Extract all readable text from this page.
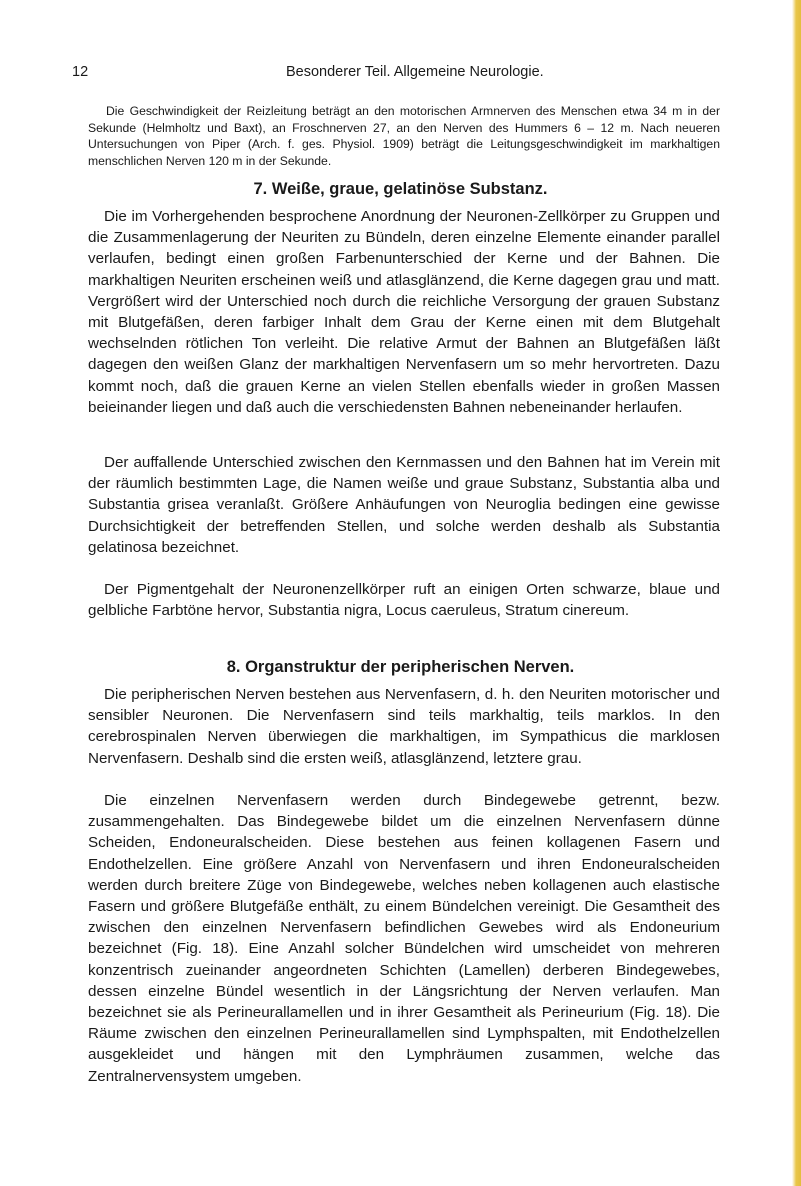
12	Besonderer Teil. Allgemeine Neurologie.

Die Geschwindigkeit der Reizleitung beträgt an den motorischen Armnerven des Menschen etwa 34 m in der Sekunde (Helmholtz und Baxt), an Froschnerven 27, an den Nerven des Hummers 6 – 12 m. Nach neueren Untersuchungen von Piper (Arch. f. ges. Physiol. 1909) beträgt die Leitungsgeschwindigkeit im markhaltigen menschlichen Nerven 120 m in der Sekunde.

7. Weiße, graue, gelatinöse Substanz.

Die im Vorhergehenden besprochene Anordnung der Neuronen-Zellkörper zu Gruppen und die Zusammenlagerung der Neuriten zu Bündeln, deren einzelne Elemente einander parallel verlaufen, bedingt einen großen Farbenunterschied der Kerne und der Bahnen. Die markhaltigen Neuriten erscheinen weiß und atlasglänzend, die Kerne dagegen grau und matt. Vergrößert wird der Unterschied noch durch die reichliche Versorgung der grauen Substanz mit Blutgefäßen, deren farbiger Inhalt dem Grau der Kerne einen mit dem Blutgehalt wechselnden rötlichen Ton verleiht. Die relative Armut der Bahnen an Blutgefäßen läßt dagegen den weißen Glanz der markhaltigen Nervenfasern um so mehr hervortreten. Dazu kommt noch, daß die grauen Kerne an vielen Stellen ebenfalls wieder in großen Massen beieinander liegen und daß auch die verschiedensten Bahnen nebeneinander herlaufen.

Der auffallende Unterschied zwischen den Kernmassen und den Bahnen hat im Verein mit der räumlich bestimmten Lage, die Namen weiße und graue Substanz, Substantia alba und Substantia grisea veranlaßt. Größere Anhäufungen von Neuroglia bedingen eine gewisse Durchsichtigkeit der betreffenden Stellen, und solche werden deshalb als Substantia gelatinosa bezeichnet.

Der Pigmentgehalt der Neuronenzellkörper ruft an einigen Orten schwarze, blaue und gelbliche Farbtöne hervor, Substantia nigra, Locus caeruleus, Stratum cinereum.

8. Organstruktur der peripherischen Nerven.

Die peripherischen Nerven bestehen aus Nervenfasern, d. h. den Neuriten motorischer und sensibler Neuronen. Die Nervenfasern sind teils markhaltig, teils marklos. In den cerebrospinalen Nerven überwiegen die markhaltigen, im Sympathicus die marklosen Nervenfasern. Deshalb sind die ersten weiß, atlasglänzend, letztere grau.

Die einzelnen Nervenfasern werden durch Bindegewebe getrennt, bezw. zusammengehalten. Das Bindegewebe bildet um die einzelnen Nervenfasern dünne Scheiden, Endoneuralscheiden. Diese bestehen aus feinen kollagenen Fasern und Endothelzellen. Eine größere Anzahl von Nervenfasern und ihren Endoneuralscheiden werden durch breitere Züge von Bindegewebe, welches neben kollagenen auch elastische Fasern und größere Blutgefäße enthält, zu einem Bündelchen vereinigt. Die Gesamtheit des zwischen den einzelnen Nervenfasern befindlichen Gewebes wird als Endoneurium bezeichnet (Fig. 18). Eine Anzahl solcher Bündelchen wird umscheidet von mehreren konzentrisch zueinander angeordneten Schichten (Lamellen) derberen Bindegewebes, dessen einzelne Bündel wesentlich in der Längsrichtung der Nerven verlaufen. Man bezeichnet sie als Perineurallamellen und in ihrer Gesamtheit als Perineurium (Fig. 18). Die Räume zwischen den einzelnen Perineurallamellen sind Lymphspalten, mit Endothelzellen ausgekleidet und hängen mit den Lymphräumen zusammen, welche das Zentralnervensystem umgeben.
